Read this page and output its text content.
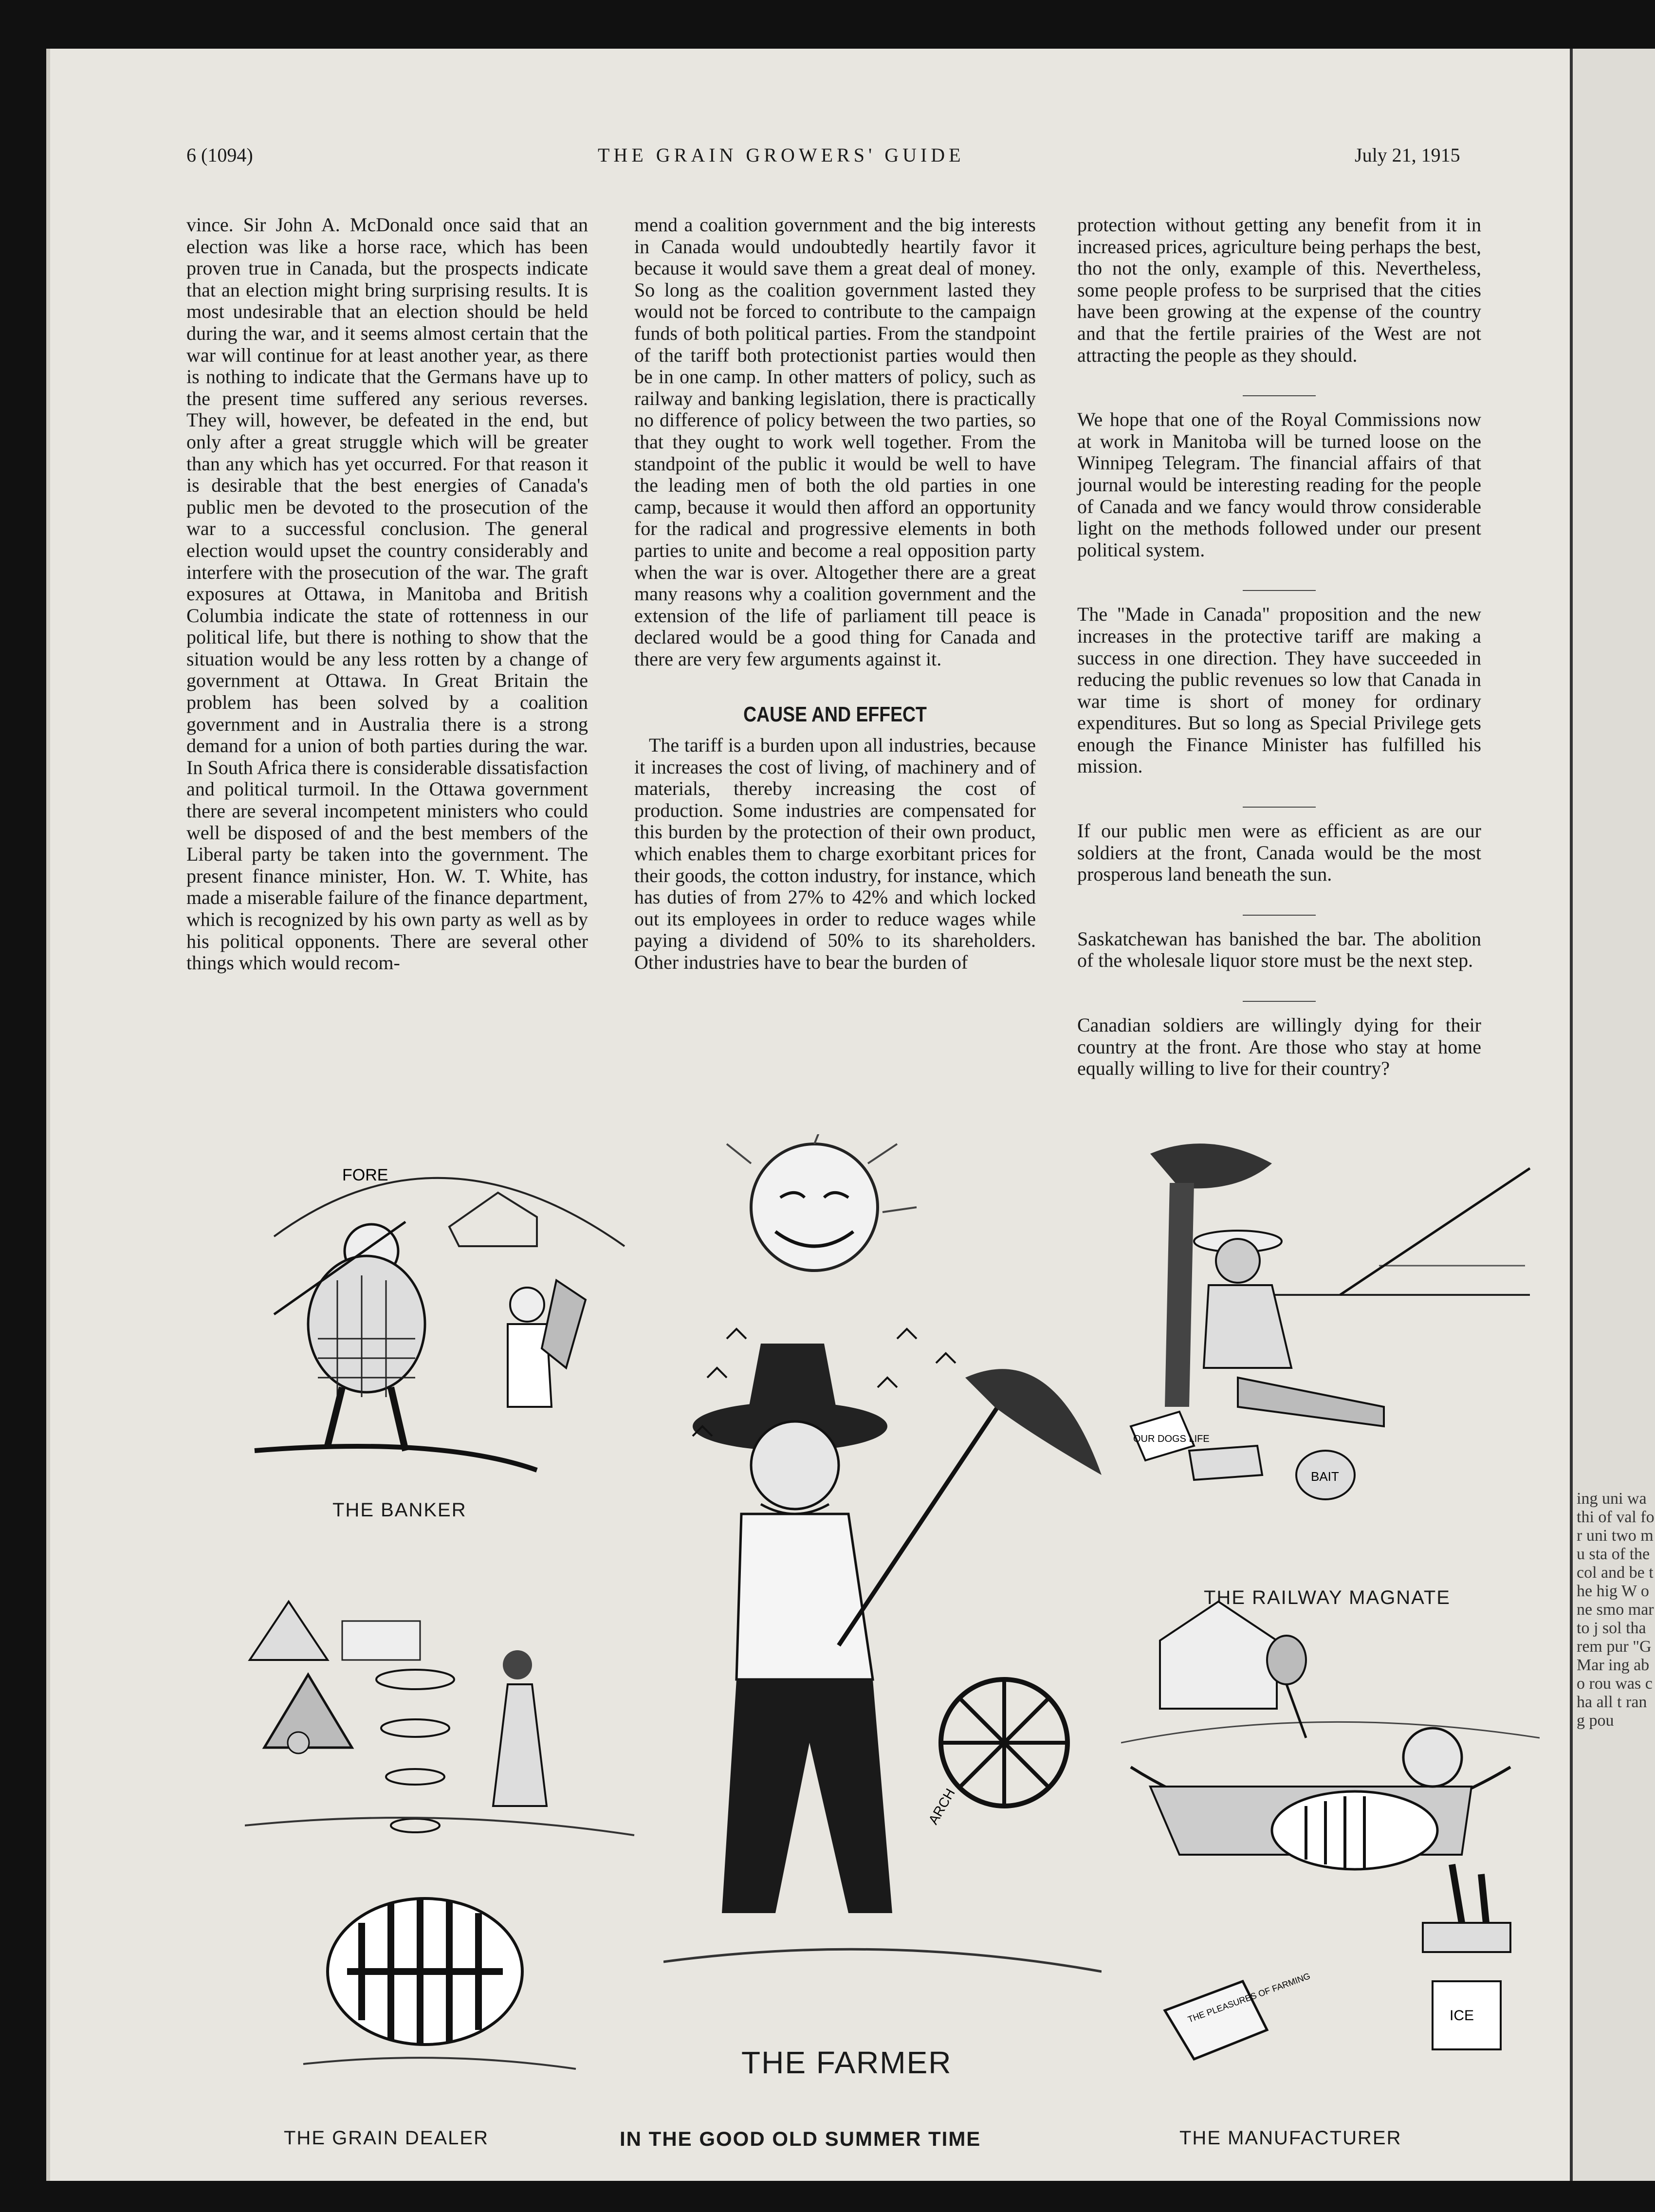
6 (1094)	THE GRAIN GROWERS' GUIDE	July 21, 1915

vince. Sir John A. McDonald once said that an election was like a horse race, which has been proven true in Canada, but the prospects indicate that an election might bring surprising results. It is most undesirable that an election should be held during the war, and it seems almost certain that the war will continue for at least another year, as there is nothing to indicate that the Germans have up to the present time suffered any serious reverses. They will, however, be defeated in the end, but only after a great struggle which will be greater than any which has yet occurred. For that reason it is desirable that the best energies of Canada's public men be devoted to the prosecution of the war to a successful conclusion. The general election would upset the country considerably and interfere with the prosecution of the war. The graft exposures at Ottawa, in Manitoba and British Columbia indicate the state of rottenness in our political life, but there is nothing to show that the situation would be any less rotten by a change of government at Ottawa. In Great Britain the problem has been solved by a coalition government and in Australia there is a strong demand for a union of both parties during the war. In South Africa there is considerable dissatisfaction and political turmoil. In the Ottawa government there are several incompetent ministers who could well be disposed of and the best members of the Liberal party be taken into the government. The present finance minister, Hon. W. T. White, has made a miserable failure of the finance department, which is recognized by his own party as well as by his political opponents. There are several other things which would recom-

mend a coalition government and the big interests in Canada would undoubtedly heartily favor it because it would save them a great deal of money. So long as the coalition government lasted they would not be forced to contribute to the campaign funds of both political parties. From the standpoint of the tariff both protectionist parties would then be in one camp. In other matters of policy, such as railway and banking legislation, there is practically no difference of policy between the two parties, so that they ought to work well together. From the standpoint of the public it would be well to have the leading men of both the old parties in one camp, because it would then afford an opportunity for the radical and progressive elements in both parties to unite and become a real opposition party when the war is over. Altogether there are a great many reasons why a coalition government and the extension of the life of parliament till peace is declared would be a good thing for Canada and there are very few arguments against it.

CAUSE AND EFFECT

The tariff is a burden upon all industries, because it increases the cost of living, of machinery and of materials, thereby increasing the cost of production. Some industries are compensated for this burden by the protection of their own product, which enables them to charge exorbitant prices for their goods, the cotton industry, for instance, which has duties of from 27% to 42% and which locked out its employees in order to reduce wages while paying a dividend of 50% to its shareholders. Other industries have to bear the burden of

protection without getting any benefit from it in increased prices, agriculture being perhaps the best, tho not the only, example of this. Nevertheless, some people profess to be surprised that the cities have been growing at the expense of the country and that the fertile prairies of the West are not attracting the people as they should.

We hope that one of the Royal Commissions now at work in Manitoba will be turned loose on the Winnipeg Telegram. The financial affairs of that journal would be interesting reading for the people of Canada and we fancy would throw considerable light on the methods followed under our present political system.

The "Made in Canada" proposition and the new increases in the protective tariff are making a success in one direction. They have succeeded in reducing the public revenues so low that Canada in war time is short of money for ordinary expenditures. But so long as Special Privilege gets enough the Finance Minister has fulfilled his mission.

If our public men were as efficient as are our soldiers at the front, Canada would be the most prosperous land beneath the sun.

Saskatchewan has banished the bar. The abolition of the wholesale liquor store must be the next step.

Canadian soldiers are willingly dying for their country at the front. Are those who stay at home equally willing to live for their country?

FORE
THE BANKER
OUR DOGS LIFE
BAIT
THE RAILWAY MAGNATE
ARCH
THE FARMER
THE GRAIN DEALER
THE PLEASURES OF FARMING	ICE
THE MANUFACTURER
IN THE GOOD OLD SUMMER TIME
ing uni wa thi of val for uni two mu sta of the col and be the hig W one smo mar to j sol tha rem pur "G Mar ing abo rou was cha all t rang pou
